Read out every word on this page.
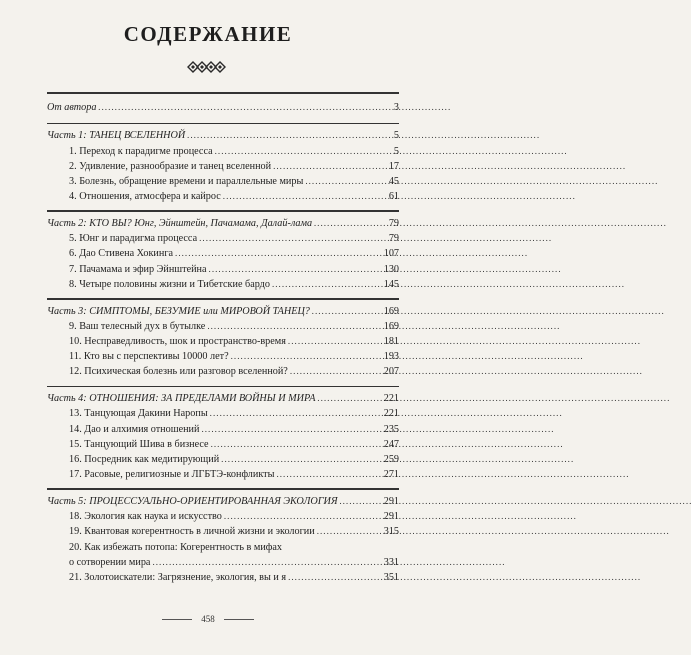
СОДЕРЖАНИЕ
От автора . . .	3
Часть 1: ТАНЕЦ ВСЕЛЕННОЙ . . .	5
1. Переход к парадигме процесса . . .	5
2. Удивление, разнообразие и танец вселенной . . .	17
3. Болезнь, обращение времени и параллельные миры . . .	45
4. Отношения, атмосфера и кайрос . . .	61
Часть 2: КТО ВЫ? Юнг, Эйнштейн, Пачамама, Далай-лама . . .	79
5. Юнг и парадигма процесса . . .	79
6. Дао Стивена Хокинга . . .	107
7. Пачамама и эфир Эйнштейна . . .	130
8. Четыре половины жизни и Тибетские бардо . . .	145
Часть 3: СИМПТОМЫ, БЕЗУМИЕ или МИРОВОЙ ТАНЕЦ? . . .	169
9. Ваш телесный дух в бутылке . . .	169
10. Несправедливость, шок и пространство-время . . .	181
11. Кто вы с перспективы 10000 лет? . . .	193
12. Психическая болезнь или разговор вселенной? . . .	207
Часть 4: ОТНОШЕНИЯ: ЗА ПРЕДЕЛАМИ ВОЙНЫ И МИРА . . .	221
13. Танцующая Дакини Наропы . . .	221
14. Дао и алхимия отношений . . .	235
15. Танцующий Шива в бизнесе . . .	247
16. Посредник как медитирующий . . .	259
17. Расовые, религиозные и ЛГБТЭ-конфликты . . .	271
Часть 5: ПРОЦЕССУАЛЬНО-ОРИЕНТИРОВАННАЯ ЭКОЛОГИЯ . . .	291
18. Экология как наука и искусство . . .	291
19. Квантовая когерентность в личной жизни и экологии . . .	315
20. Как избежать потопа: Когерентность в мифах
о сотворении мира . . .	331
21. Золотоискатели: Загрязнение, экология, вы и я . . .	351
458
